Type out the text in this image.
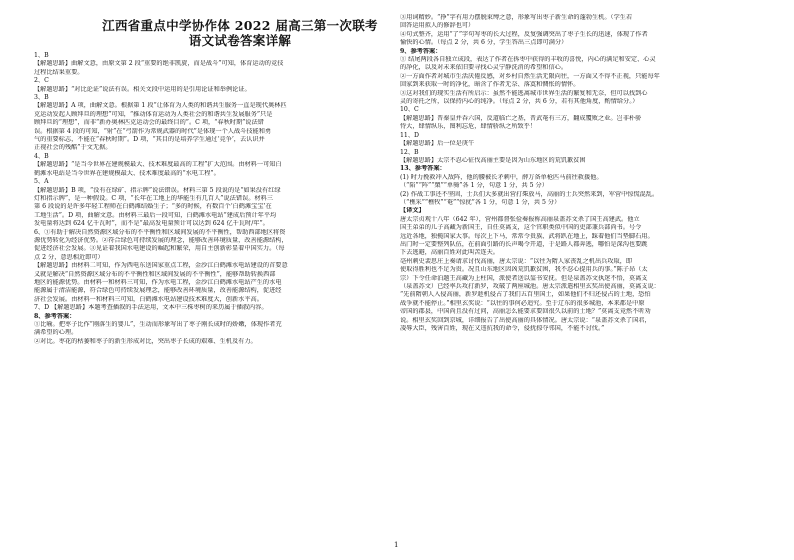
江西省重点中学协作体 2022 届高三第一次联考
语文试卷答案详解
1、B
【解题思路】曲解文意，由原文第 2 段“重要的绝非凯旋，而是战斗”可知，体育运动的竞技
过程比结果重要。
2、C
【解题思路】“对比论证”说法有误。相关文段中运用的是引用论证和举例论证。
3、B
【解题思路】A 项，曲解文意。根据第 1 段“让体育为人类的和谐共生服务一直是现代奥林匹
克运动发起人顾拜旦的理想”可知，“推动体育运动为人类社会的和谐共生发展服务”只是
顾拜旦的“理想”，而非“新办奥林匹克运动会的最终目的”。C 项，“春秋时期”说法错
误。根据第 4 段的可知，“射”在“弓箭作为常规武器的时代”是体现一个人战斗技能和勇
气的重要标志，不能在“春秋时期”。D 项，“其目的是培养学生通过‘竞争’，去认识并
正视社会的残酷”于文无据。
4、B
【解题思路】“是当今世界在建规模最大、技术难度最高的工程”扩大范围。由材料一可知白
鹤滩水电站是当今世界在建规模最大、技术难度最高的“水电工程”。
5、A
【解题思路】B 项，“没有在绿矿、指示牌”说法错误。材料三第 5 段说的是“如果没有红绿
灯和指示牌”，是一种假设。C 项，“长年在工地上的华能生有几百人”说法错误。材料三
第 6 段说的是许多年轻工程师在白鹤滩结婚生子；“多的时候，有数百个‘白鹤滩宝宝’在
工地生活”。D 项，曲解文意。由材料三最后一段可知，白鹤滩水电站“建成后预计年平均
发电量将达到 624 亿千瓦时”，而不是“最高发电量预计可以达到 624 亿千瓦时/年”。
6、①有助于解决自然资源区域分布的不平衡性和区域间发展的不平衡性，帮助西部地区将资
源优势转化为经济优势。②符合绿色可持续发展的理念，能够改善环境质量，改善能源结构，
促进经济社会发展。③见证着我国水电建设的崛起和繁荣，用自主创新彰显着中国实力。（每
点 2 分，意思相近即可）
【解题思路】由材料二可知，作为西电东送国家重点工程，金沙江白鹤滩水电站建设的首要意
义就是解决“自然资源区域分布的不平衡性和区域间发展的不平衡性”，能够帮助转换西部
地区的能源优势。由材料一和材料三可知，作为水电工程，金沙江白鹤滩水电站产生的水电
能源属于清洁能源，符合绿色可持续发展理念，能够改善环境质量，改善能源结构，促进经
济社会发展。由材料一和材料三可知，白鹤滩水电站建设技术难度大，创新水平高。
7、D 【解题思路】本题考查插叙的手法运用，文本中三株枣树的来历属于插叙内容。
8、参考答案：
①比喻。把枣子比作“刚落生的婴儿”，生动而形象写出了枣子刚长成时的娇嫩，体现作者充
满希望的心理。
②对比。枣花的枯萎和枣子的新生形成对比，突出枣子长成的艰难、生机及有力。
③用词精妙。“挣”字有用力摆脱束缚之意，形象写出枣子新生命的蓬勃生机。（学生若
回答运用拟人的修辞也可）
④句式整齐，运用“了”字句写枣的长大过程，反复强调突出了枣子生长的迅速，体现了作者
愉快的心情。（每点 2 分，共 6 分，学生答出三点即可满分）
9、参考答案：
① 结尾两段各自独立成段，表达了作者在拆枣中获得的丰收的喜悦，内心的满足和安定、心灵
的净化，以及对未来依旧要寻找心灵宁静洗消的希望和信心。
②一方面作者对城市生活厌倦反感，对乡村自然生活无限向往，一方面又不得不正视，只能每年
回家到来获取一时的净化，暗含了作者无奈、落寞和惆怅的情怀。
③这对我们的现实生活有所启示：虽然不能逃离城市世界生活的繁复和无奈，但可以找到心
灵的寄托之所，以保持内心的纯净。（每点 2 分，共 6 分，若有其他角度，酌情给分。）
10、C
【解题思路】晋秦皇并吞六国，反道临亡之基，晋武奄有三方，翻成覆败之业。岂非朴骄
恃大，肆情纵乐，图利忘危，肆情骄纵之所致乎！
11、D
【解题思路】后一位是庚午
12、B
【解题思路】太宗不忍心征伐高丽主要是因为山东地区的荒饥歉贫困
13、参考答案：
(1) 时力挽救冲入敌阵，他的腰被长矛刺中，薛万备单枪匹马前往救援他。
（“陷”“阵”“槊”“单骑”各 1 分，句意 1 分，共 5 分）
(2) 作战工事还不坚固，士兵们大多就出营打柴放马，高丽的士兵突然来到，军营中惊慌混乱。
（“樵采”“樵牧”“奄”“惊扰”各 1 分，句意 1 分，共 5 分）
【译文】
唐太宗贞观十八年（642 年），营州都督张俭奏报称高丽泉盖苏文杀了国王高建武。他立
国王弟弟的儿子高藏为新国王，自任莫离支，这个官职类似中国的吏部兼兵部尚书。号令
远近各地，独揽国家大事。每次上下马，常常令贵族、武将趴在地上，踩着他们当垫脚石用。
出门时一定要整列队伍，在前面引路的长声喝令开道，于是路人都奔逃，哪怕是深沟也要跳
下去逃避，高丽百姓对此叫苦连天。
亳州刺史裴思庄上奏请求讨伐高丽，唐太宗说：“以往为隋人家丧乱之机出兵攻取，即
使取得胜利也不足为贵。况且山东地区因凶荒饥歉贫困，我不忍心提用兵的事。”陈子昂（太
宗）下令任命泊题王高藏为上柱国，派使者送以玺书安抚。但是泉盖苏文执迷不悟，莫离支
（泉盖苏文）已经率兵攻打新罗，攻破了两座城池。唐太宗派遣相里玄奖出使高丽，莫离支说：
“先前隋朝人入侵高丽，新罗趁机侵占了我们五百里国土，如果他们不归还侵占的土地，恐怕
战争就不能停止。”相里玄奖说：“以往的事何必追究。至于辽东的很多城池，本来都是中原
帝国的郡县，中国尚且没有过问，高丽怎么能要求要回很久以前的土地？”莫离支竟然不听劝
说。相里玄奖回到京城，详细报告了出使高丽的具体情况。唐太宗说：“泉盖苏文杀了国君，
凌辱大臣，残害百姓，现在又违抗我的命令，侵扰掠夺邻国，不能不讨伐。”
1
